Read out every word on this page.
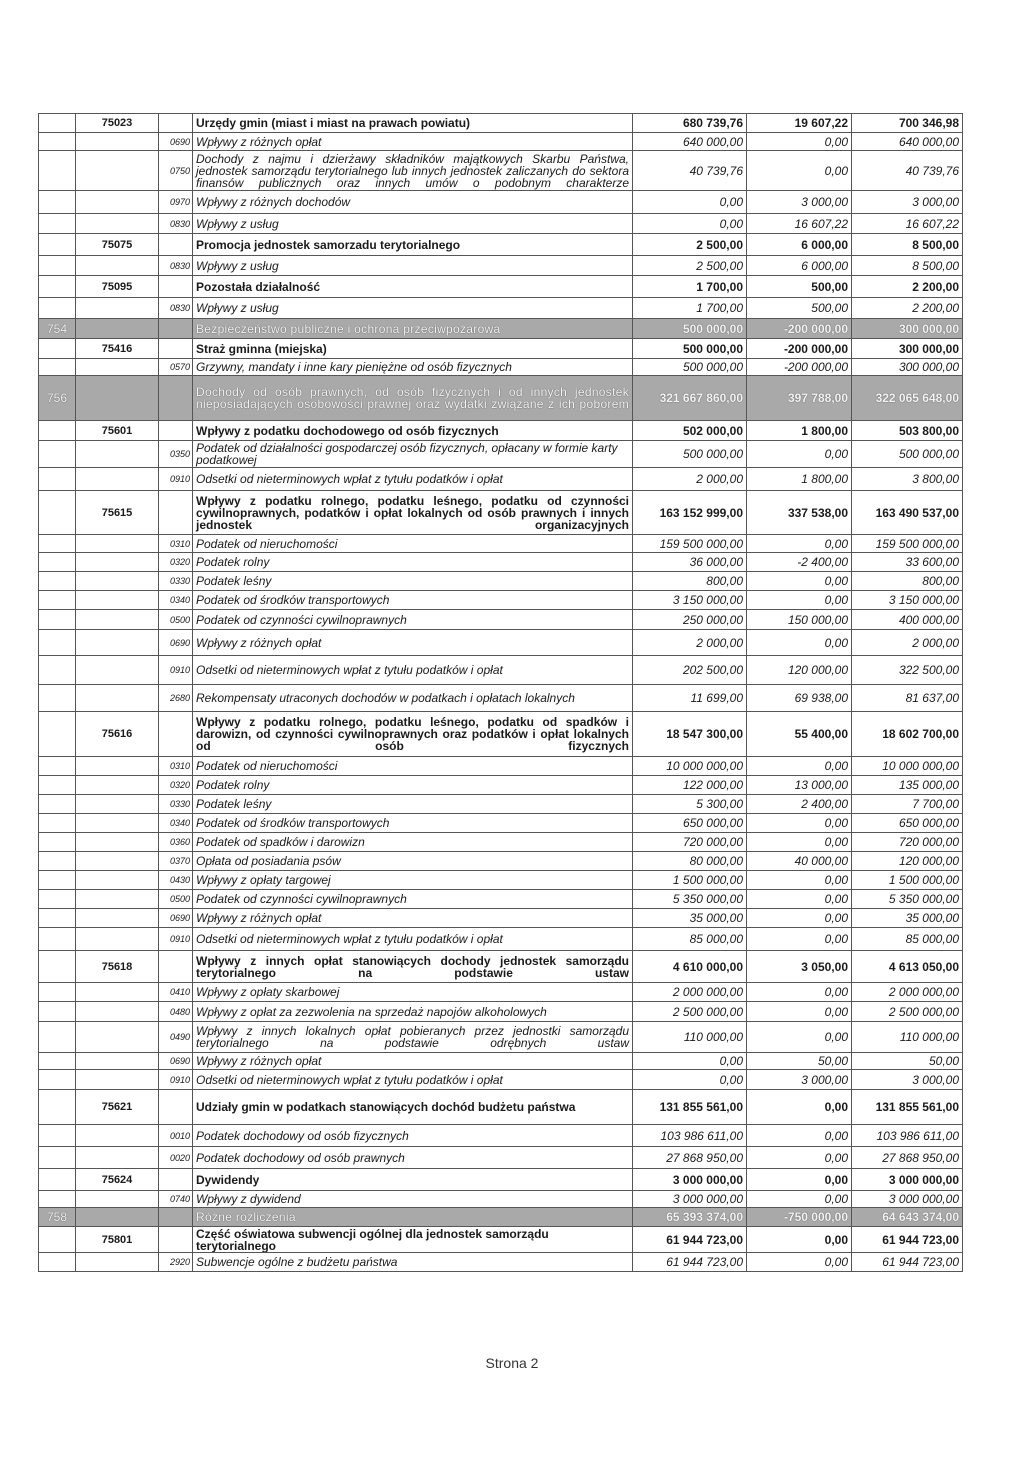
	75023		Urzędy gmin (miast i miast na prawach powiatu)	680 739,76	19 607,22	700 346,98
		0690	Wpływy z różnych opłat	640 000,00	0,00	640 000,00
		0750	Dochody z najmu i dzierżawy składników majątkowych Skarbu Państwa, jednostek samorządu terytorialnego lub innych jednostek zaliczanych do sektora finansów publicznych oraz innych umów o podobnym charakterze	40 739,76	0,00	40 739,76
		0970	Wpływy z różnych dochodów	0,00	3 000,00	3 000,00
		0830	Wpływy z usług	0,00	16 607,22	16 607,22
	75075		Promocja jednostek samorzadu terytorialnego	2 500,00	6 000,00	8 500,00
		0830	Wpływy z usług	2 500,00	6 000,00	8 500,00
	75095		Pozostała działalność	1 700,00	500,00	2 200,00
		0830	Wpływy z usług	1 700,00	500,00	2 200,00
754			Bezpieczeństwo publiczne i ochrona przeciwpożarowa	500 000,00	-200 000,00	300 000,00
	75416		Straż gminna (miejska)	500 000,00	-200 000,00	300 000,00
		0570	Grzywny, mandaty i inne kary pieniężne od osób fizycznych	500 000,00	-200 000,00	300 000,00
756			Dochody od osób prawnych, od osób fizycznych i od innych jednostek nieposiadających osobowości prawnej oraz wydatki związane z ich poborem	321 667 860,00	397 788,00	322 065 648,00
	75601		Wpływy z podatku dochodowego od osób fizycznych	502 000,00	1 800,00	503 800,00
		0350	Podatek od działalności gospodarczej osób fizycznych, opłacany w formie karty podatkowej	500 000,00	0,00	500 000,00
		0910	Odsetki od nieterminowych wpłat z tytułu podatków i opłat	2 000,00	1 800,00	3 800,00
	75615		Wpływy z podatku rolnego, podatku leśnego, podatku od czynności cywilnoprawnych, podatków i opłat lokalnych od osób prawnych i innych jednostek organizacyjnych	163 152 999,00	337 538,00	163 490 537,00
		0310	Podatek od nieruchomości	159 500 000,00	0,00	159 500 000,00
		0320	Podatek rolny	36 000,00	-2 400,00	33 600,00
		0330	Podatek leśny	800,00	0,00	800,00
		0340	Podatek od środków transportowych	3 150 000,00	0,00	3 150 000,00
		0500	Podatek od czynności cywilnoprawnych	250 000,00	150 000,00	400 000,00
		0690	Wpływy z różnych opłat	2 000,00	0,00	2 000,00
		0910	Odsetki od nieterminowych wpłat z tytułu podatków i opłat	202 500,00	120 000,00	322 500,00
		2680	Rekompensaty utraconych dochodów w podatkach i opłatach lokalnych	11 699,00	69 938,00	81 637,00
	75616		Wpływy z podatku rolnego, podatku leśnego, podatku od spadków i darowizn, od czynności cywilnoprawnych oraz podatków i opłat lokalnych od osób fizycznych	18 547 300,00	55 400,00	18 602 700,00
		0310	Podatek od nieruchomości	10 000 000,00	0,00	10 000 000,00
		0320	Podatek rolny	122 000,00	13 000,00	135 000,00
		0330	Podatek leśny	5 300,00	2 400,00	7 700,00
		0340	Podatek od środków transportowych	650 000,00	0,00	650 000,00
		0360	Podatek od spadków i darowizn	720 000,00	0,00	720 000,00
		0370	Opłata od posiadania psów	80 000,00	40 000,00	120 000,00
		0430	Wpływy z opłaty targowej	1 500 000,00	0,00	1 500 000,00
		0500	Podatek od czynności cywilnoprawnych	5 350 000,00	0,00	5 350 000,00
		0690	Wpływy z różnych opłat	35 000,00	0,00	35 000,00
		0910	Odsetki od nieterminowych wpłat z tytułu podatków i opłat	85 000,00	0,00	85 000,00
	75618		Wpływy z innych opłat stanowiących dochody jednostek samorządu terytorialnego na podstawie ustaw	4 610 000,00	3 050,00	4 613 050,00
		0410	Wpływy z opłaty skarbowej	2 000 000,00	0,00	2 000 000,00
		0480	Wpływy z opłat za zezwolenia na sprzedaż napojów alkoholowych	2 500 000,00	0,00	2 500 000,00
		0490	Wpływy z innych lokalnych opłat pobieranych przez jednostki samorządu terytorialnego na podstawie odrębnych ustaw	110 000,00	0,00	110 000,00
		0690	Wpływy z różnych opłat	0,00	50,00	50,00
		0910	Odsetki od nieterminowych wpłat z tytułu podatków i opłat	0,00	3 000,00	3 000,00
	75621		Udziały gmin w podatkach stanowiących dochód budżetu państwa	131 855 561,00	0,00	131 855 561,00
		0010	Podatek dochodowy od osób fizycznych	103 986 611,00	0,00	103 986 611,00
		0020	Podatek dochodowy od osób prawnych	27 868 950,00	0,00	27 868 950,00
	75624		Dywidendy	3 000 000,00	0,00	3 000 000,00
		0740	Wpływy z dywidend	3 000 000,00	0,00	3 000 000,00
758			Różne rozliczenia	65 393 374,00	-750 000,00	64 643 374,00
	75801		Część oświatowa subwencji ogólnej dla jednostek samorządu terytorialnego	61 944 723,00	0,00	61 944 723,00
		2920	Subwencje ogólne z budżetu państwa	61 944 723,00	0,00	61 944 723,00
Strona 2
